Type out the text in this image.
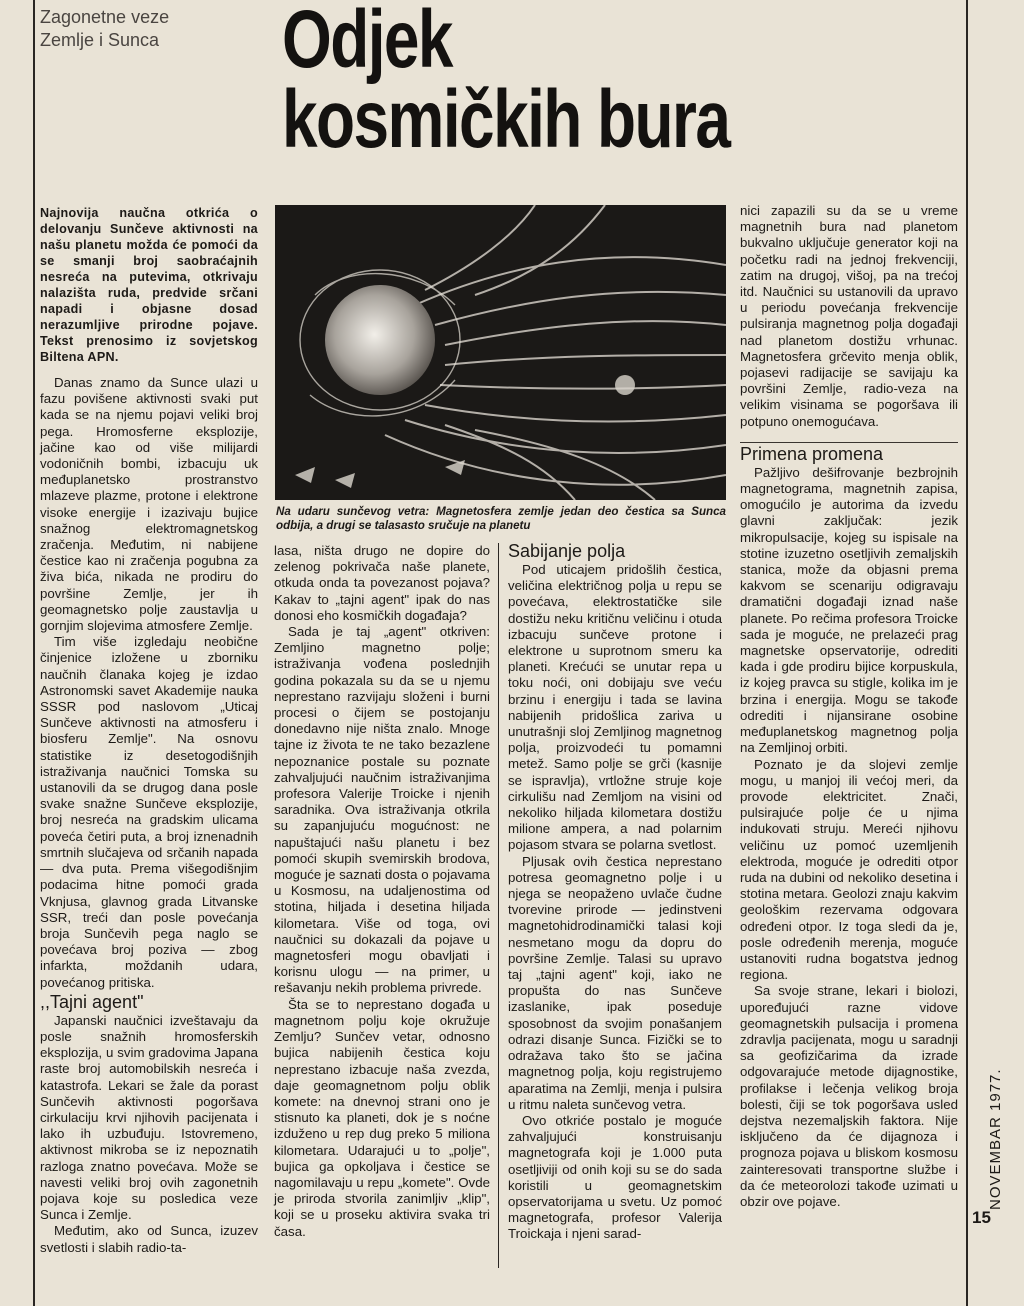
Zagonetne veze
Zemlje i Sunca Odjek
kosmičkih bura

Najnovija naučna otkrića o delovanju Sunčeve aktivnosti na našu planetu možda će pomoći da se smanji broj saobraćajnih nesreća na putevima, otkrivaju nalazišta ruda, predvide srčani napadi i objasne dosad nerazumljive prirodne pojave. Tekst prenosimo iz sovjetskog Biltena APN.

Danas znamo da Sunce ulazi u fazu povišene aktivnosti svaki put kada se na njemu pojavi veliki broj pega. Hromosferne eksplozije, jačine kao od više milijardi vodoničnih bombi, izbacuju uk međuplanetsko prostranstvo mlazeve plazme, protone i elektrone visoke energije i izazivaju bujice snažnog elektromagnetskog zračenja. Međutim, ni nabijene čestice kao ni zračenja pogubna za živa bića, nikada ne prodiru do površine Zemlje, jer ih geomagnetsko polje zaustavlja u gornjim slojevima atmosfere Zemlje.

Tim više izgledaju neobične činjenice izložene u zborniku naučnih članaka kojeg je izdao Astronomski savet Akademije nauka SSSR pod naslovom „Uticaj Sunčeve aktivnosti na atmosferu i biosferu Zemlje". Na osnovu statistike iz desetogodišnjih istraživanja naučnici Tomska su ustanovili da se drugog dana posle svake snažne Sunčeve eksplozije, broj nesreća na gradskim ulicama poveća četiri puta, a broj iznenadnih smrtnih slučajeva od srčanih napada — dva puta. Prema višegodišnjim podacima hitne pomoći grada Vknjusa, glavnog grada Litvanske SSR, treći dan posle povećanja broja Sunčevih pega naglo se povećava broj poziva — zbog infarkta, moždanih udara, povećanog pritiska.

,,Tajni agent"

Japanski naučnici izveštavaju da posle snažnih hromosferskih eksplozija, u svim gradovima Japana raste broj automobilskih nesreća i katastrofa. Lekari se žale da porast Sunčevih aktivnosti pogoršava cirkulaciju krvi njihovih pacijenata i lako ih uzbuđuju. Istovremeno, aktivnost mikroba se iz nepoznatih razloga znatno povećava. Može se navesti veliki broj ovih zagonetnih pojava koje su posledica veze Sunca i Zemlje.

Međutim, ako od Sunca, izuzev svetlosti i slabih radio-ta-

Na udaru sunčevog vetra: Magnetosfera zemlje jedan deo čestica sa Sunca odbija, a drugi se talasasto sručuje na planetu

lasa, ništa drugo ne dopire do zelenog pokrivača naše planete, otkuda onda ta povezanost pojava? Kakav to „tajni agent" ipak do nas donosi eho kosmičkih događaja?

Sada je taj „agent" otkriven: Zemljino magnetno polje; istraživanja vođena poslednjih godina pokazala su da se u njemu neprestano razvijaju složeni i burni procesi o čijem se postojanju donedavno nije ništa znalo. Mnoge tajne iz života te ne tako bezazlene nepoznanice postale su poznate zahvaljujući naučnim istraživanjima profesora Valerije Troicke i njenih saradnika. Ova istraživanja otkrila su zapanjujuću mogućnost: ne napuštajući našu planetu i bez pomoći skupih svemirskih brodova, moguće je saznati dosta o pojavama u Kosmosu, na udaljenostima od stotina, hiljada i desetina hiljada kilometara. Više od toga, ovi naučnici su dokazali da pojave u magnetosferi mogu obavljati i korisnu ulogu — na primer, u rešavanju nekih problema privrede.

Šta se to neprestano događa u magnetnom polju koje okružuje Zemlju? Sunčev vetar, odnosno bujica nabijenih čestica koju neprestano izbacuje naša zvezda, daje geomagnetnom polju oblik komete: na dnevnoj strani ono je stisnuto ka planeti, dok je s noćne izduženo u rep dug preko 5 miliona kilometara. Udarajući u to „polje", bujica ga opkoljava i čestice se nagomilavaju u repu „komete". Ovde je priroda stvorila zanimljiv „klip", koji se u proseku aktivira svaka tri časa.

Sabijanje polja

Pod uticajem pridošlih čestica, veličina električnog polja u repu se povećava, elektrostatičke sile dostižu neku kritičnu veličinu i otuda izbacuju sunčeve protone i elektrone u suprotnom smeru ka planeti. Krećući se unutar repa u toku noći, oni dobijaju sve veću brzinu i energiju i tada se lavina nabijenih pridošlica zariva u unutrašnji sloj Zemljinog magnetnog polja, proizvodeći tu pomamni metež. Samo polje se grči (kasnije se ispravlja), vrtložne struje koje cirkulišu nad Zemljom na visini od nekoliko hiljada kilometara dostižu milione ampera, a nad polarnim pojasom stvara se polarna svetlost.

Pljusak ovih čestica neprestano potresa geomagnetno polje i u njega se neopaženo uvlače čudne tvorevine prirode — jedinstveni magnetohidrodinamički talasi koji nesmetano mogu da dopru do površine Zemlje. Talasi su upravo taj „tajni agent" koji, iako ne propušta do nas Sunčeve izaslanike, ipak poseduje sposobnost da svojim ponašanjem odrazi disanje Sunca. Fizički se to odražava tako što se jačina magnetnog polja, koju registrujemo aparatima na Zemlji, menja i pulsira u ritmu naleta sunčevog vetra.

Ovo otkriće postalo je moguće zahvaljujući konstruisanju magnetografa koji je 1.000 puta osetljiviji od onih koji su se do sada koristili u geomagnetskim opservatorijama u svetu. Uz pomoć magnetografa, profesor Valerija Troickaja i njeni sarad-

nici zapazili su da se u vreme magnetnih bura nad planetom bukvalno uključuje generator koji na početku radi na jednoj frekvenciji, zatim na drugoj, višoj, pa na trećoj itd. Naučnici su ustanovili da upravo u periodu povećanja frekvencije pulsiranja magnetnog polja događaji nad planetom dostižu vrhunac. Magnetosfera grčevito menja oblik, pojasevi radijacije se savijaju ka površini Zemlje, radio-veza na velikim visinama se pogoršava ili potpuno onemogućava.

Primena promena

Pažljivo dešifrovanje bezbrojnih magnetograma, magnetnih zapisa, omogućilo je autorima da izvedu glavni zaključak: jezik mikropulsacije, kojeg su ispisale na stotine izuzetno osetljivih zemaljskih stanica, može da objasni prema kakvom se scenariju odigravaju dramatični događaji iznad naše planete. Po rečima profesora Troicke sada je moguće, ne prelazeći prag magnetske opservatorije, odrediti kada i gde prodiru bijice korpuskula, iz kojeg pravca su stigle, kolika im je brzina i energija. Mogu se takođe odrediti i nijansirane osobine međuplanetskog magnetnog polja na Zemljinoj orbiti.

Poznato je da slojevi zemlje mogu, u manjoj ili većoj meri, da provode elektricitet. Znači, pulsirajuće polje će u njima indukovati struju. Mereći njihovu veličinu uz pomoć uzemljenih elektroda, moguće je odrediti otpor ruda na dubini od nekoliko desetina i stotina metara. Geolozi znaju kakvim geološkim rezervama odgovara određeni otpor. Iz toga sledi da je, posle određenih merenja, moguće ustanoviti rudna bogatstva jednog regiona.

Sa svoje strane, lekari i biolozi, upoređujući razne vidove geomagnetskih pulsacija i promena zdravlja pacijenata, mogu u saradnji sa geofizičarima da izrade odgovarajuće metode dijagnostike, profilakse i lečenja velikog broja bolesti, čiji se tok pogoršava usled dejstva nezemaljskih faktora. Nije isključeno da će dijagnoza i prognoza pojava u bliskom kosmosu zainteresovati transportne službe i da će meteorolozi takođe uzimati u obzir ove pojave.	NOVEMBAR 1977.
15
